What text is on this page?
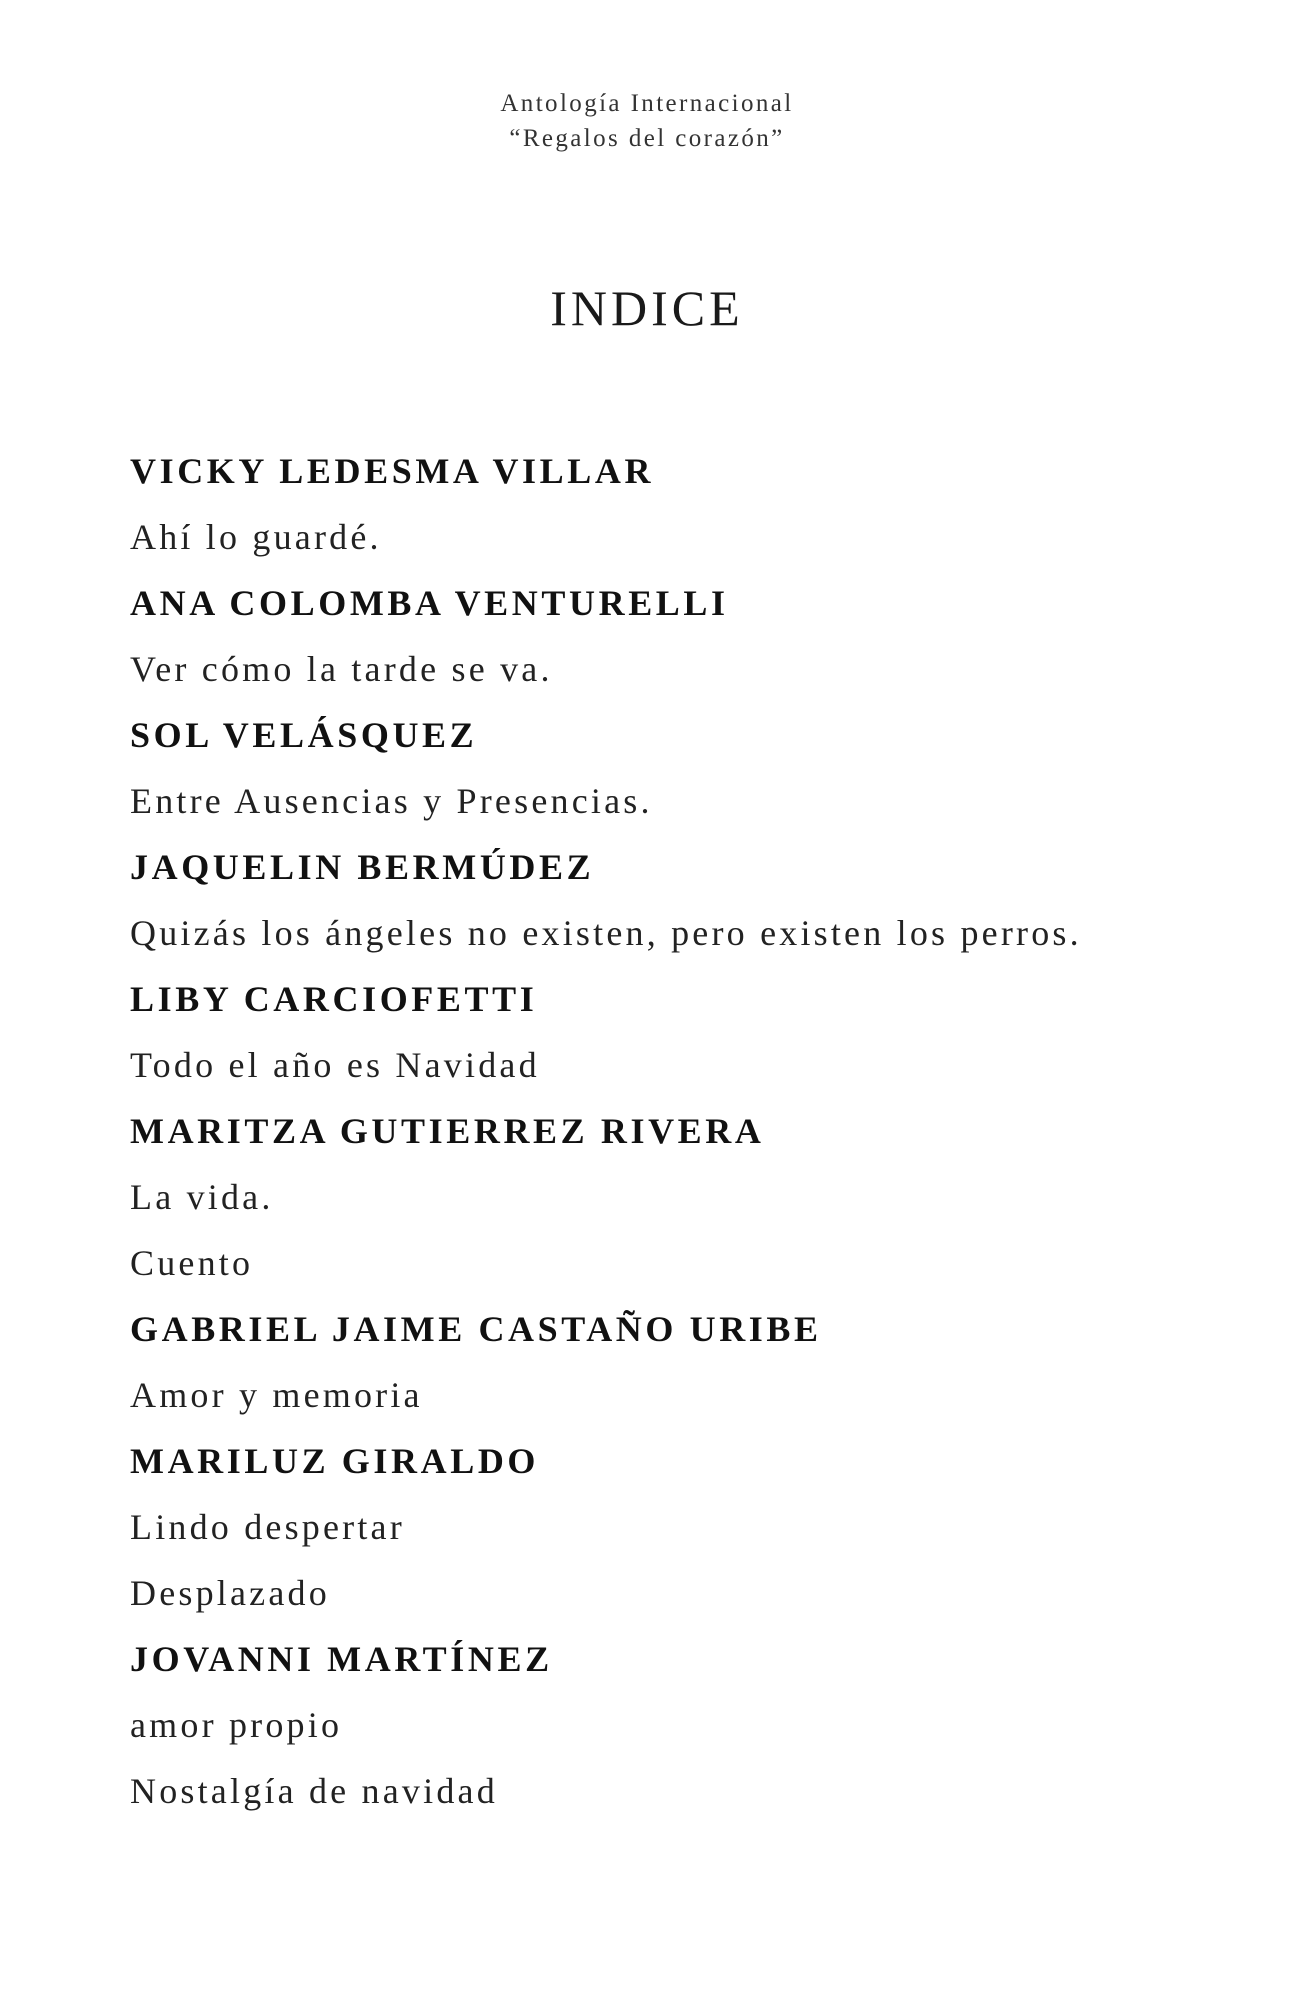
Antología Internacional
“Regalos del corazón”
INDICE
VICKY LEDESMA VILLAR
Ahí lo guardé.
ANA COLOMBA VENTURELLI
Ver cómo la tarde se va.
SOL VELÁSQUEZ
Entre Ausencias y Presencias.
JAQUELIN BERMÚDEZ
Quizás los ángeles no existen, pero existen los perros.
LIBY CARCIOFETTI
Todo el año es Navidad
MARITZA GUTIERREZ RIVERA
La vida.
Cuento
GABRIEL JAIME CASTAÑO URIBE
Amor y memoria
MARILUZ GIRALDO
Lindo despertar
Desplazado
JOVANNI MARTÍNEZ
amor propio
Nostalgía de navidad
